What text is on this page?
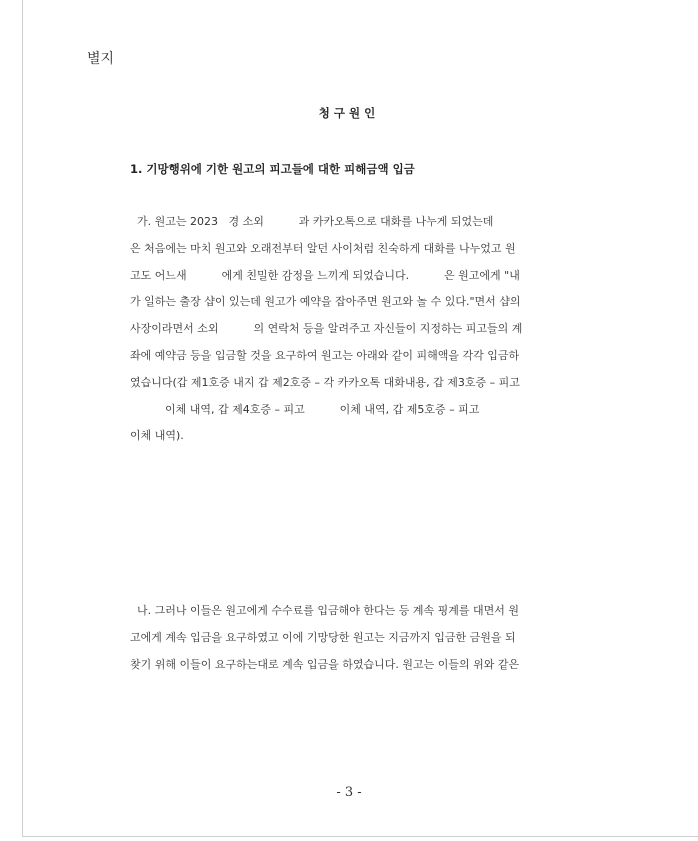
별지

청구원인
1. 기망행위에 기한 원고의 피고들에 대한 피해금액 입금
가. 원고는 2023   경 소외          과 카카오톡으로 대화를 나누게 되었는데
은 처음에는 마치 원고와 오래전부터 알던 사이처럼 친숙하게 대화를 나누었고 원
고도 어느새          에게 친밀한 감정을 느끼게 되었습니다.          은 원고에게 "내
가 일하는 출장 샵이 있는데 원고가 예약을 잡아주면 원고와 놀 수 있다."면서 샵의
사장이라면서 소외          의 연락처 등을 알려주고 자신들이 지정하는 피고들의 계
좌에 예약금 등을 입금할 것을 요구하여 원고는 아래와 같이 피해액을 각각 입금하
였습니다(갑 제1호증 내지 갑 제2호증 – 각 카카오톡 대화내용, 갑 제3호증 – 피고
이체 내역, 갑 제4호증 – 피고          이체 내역, 갑 제5호증 – 피고
이체 내역).
나. 그러나 이들은 원고에게 수수료를 입금해야 한다는 등 계속 핑계를 대면서 원
고에게 계속 입금을 요구하였고 이에 기망당한 원고는 지금까지 입금한 금원을 되
찾기 위해 이들이 요구하는대로 계속 입금을 하였습니다. 원고는 이들의 위와 같은

- 3 -
